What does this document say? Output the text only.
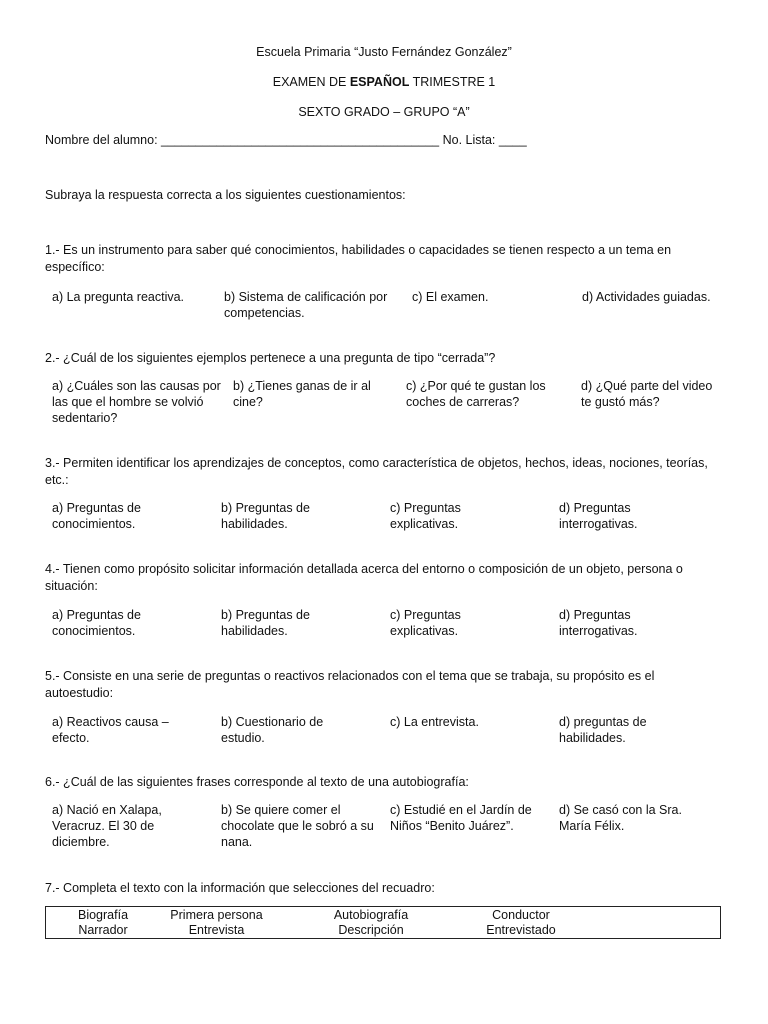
Escuela Primaria “Justo Fernández González”
EXAMEN DE ESPAÑOL TRIMESTRE 1
SEXTO GRADO – GRUPO “A”
Nombre del alumno: ________________________________________ No. Lista: ____
Subraya la respuesta correcta a los siguientes cuestionamientos:
1.- Es un instrumento para saber qué conocimientos, habilidades o capacidades se tienen respecto a un tema en específico:
a) La pregunta reactiva.	b) Sistema de calificación por competencias.
c) El examen.	d) Actividades guiadas.
2.- ¿Cuál de los siguientes ejemplos pertenece a una pregunta de tipo “cerrada”?
a) ¿Cuáles son las causas por las que el hombre se volvió sedentario?
b) ¿Tienes ganas de ir al cine?
c) ¿Por qué te gustan los coches de carreras?
d) ¿Qué parte del video te gustó más?
3.- Permiten identificar los aprendizajes de conceptos, como característica de objetos, hechos, ideas, nociones, teorías, etc.:
a) Preguntas de conocimientos.
b) Preguntas de habilidades.
c) Preguntas explicativas.
d) Preguntas interrogativas.
4.- Tienen como propósito solicitar información detallada acerca del entorno o composición de un objeto, persona o situación:
a) Preguntas de conocimientos.
b) Preguntas de habilidades.
c) Preguntas explicativas.
d) Preguntas interrogativas.
5.- Consiste en una serie de preguntas o reactivos relacionados con el tema que se trabaja, su propósito es el autoestudio:
a) Reactivos causa – efecto.
b) Cuestionario de estudio.
c) La entrevista.	d) preguntas de habilidades.
6.- ¿Cuál de las siguientes frases corresponde al texto de una autobiografía:
a) Nació en Xalapa, Veracruz. El 30 de diciembre.
b) Se quiere comer el chocolate que le sobró a su nana.
c) Estudié en el Jardín de Niños “Benito Juárez”.
d) Se casó con la Sra. María Félix.
7.- Completa el texto con la información que selecciones del recuadro:
Biografía	Primera persona	Autobiografía	Conductor
Narrador	Entrevista	Descripción	Entrevistado
